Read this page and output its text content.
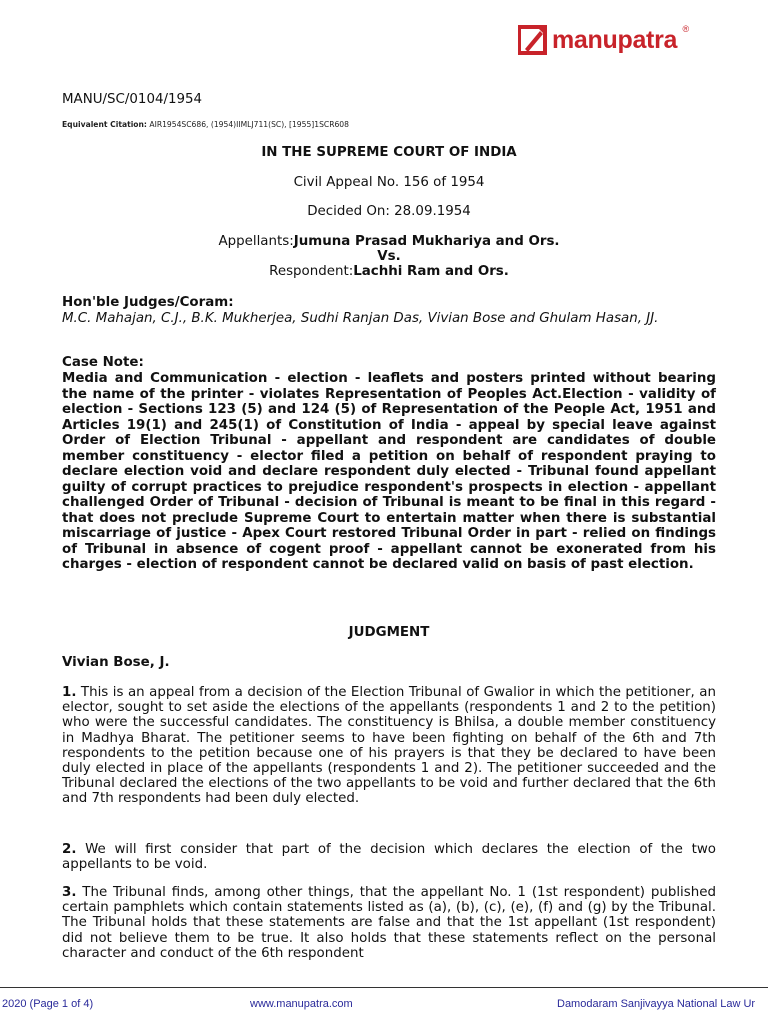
manupatra ®
MANU/SC/0104/1954
Equivalent Citation: AIR1954SC686, (1954)IIMLJ711(SC), [1955]1SCR608
IN THE SUPREME COURT OF INDIA
Civil Appeal No. 156 of 1954
Decided On: 28.09.1954
Appellants:Jumuna Prasad Mukhariya and Ors.
Vs.
Respondent:Lachhi Ram and Ors.
Hon'ble Judges/Coram:
M.C. Mahajan, C.J., B.K. Mukherjea, Sudhi Ranjan Das, Vivian Bose and Ghulam Hasan, JJ.
Case Note:
Media and Communication - election - leaflets and posters printed without bearing the name of the printer - violates Representation of Peoples Act.Election - validity of election - Sections 123 (5) and 124 (5) of Representation of the People Act, 1951 and Articles 19(1) and 245(1) of Constitution of India - appeal by special leave against Order of Election Tribunal - appellant and respondent are candidates of double member constituency - elector filed a petition on behalf of respondent praying to declare election void and declare respondent duly elected - Tribunal found appellant guilty of corrupt practices to prejudice respondent's prospects in election - appellant challenged Order of Tribunal - decision of Tribunal is meant to be final in this regard - that does not preclude Supreme Court to entertain matter when there is substantial miscarriage of justice - Apex Court restored Tribunal Order in part - relied on findings of Tribunal in absence of cogent proof - appellant cannot be exonerated from his charges - election of respondent cannot be declared valid on basis of past election.
JUDGMENT
Vivian Bose, J.
1. This is an appeal from a decision of the Election Tribunal of Gwalior in which the petitioner, an elector, sought to set aside the elections of the appellants (respondents 1 and 2 to the petition) who were the successful candidates. The constituency is Bhilsa, a double member constituency in Madhya Bharat. The petitioner seems to have been fighting on behalf of the 6th and 7th respondents to the petition because one of his prayers is that they be declared to have been duly elected in place of the appellants (respondents 1 and 2). The petitioner succeeded and the Tribunal declared the elections of the two appellants to be void and further declared that the 6th and 7th respondents had been duly elected.
2. We will first consider that part of the decision which declares the election of the two appellants to be void.
3. The Tribunal finds, among other things, that the appellant No. 1 (1st respondent) published certain pamphlets which contain statements listed as (a), (b), (c), (e), (f) and (g) by the Tribunal. The Tribunal holds that these statements are false and that the 1st appellant (1st respondent) did not believe them to be true. It also holds that these statements reflect on the personal character and conduct of the 6th respondent
2020 (Page 1 of 4)	www.manupatra.com	Damodaram Sanjivayya National Law Ur
